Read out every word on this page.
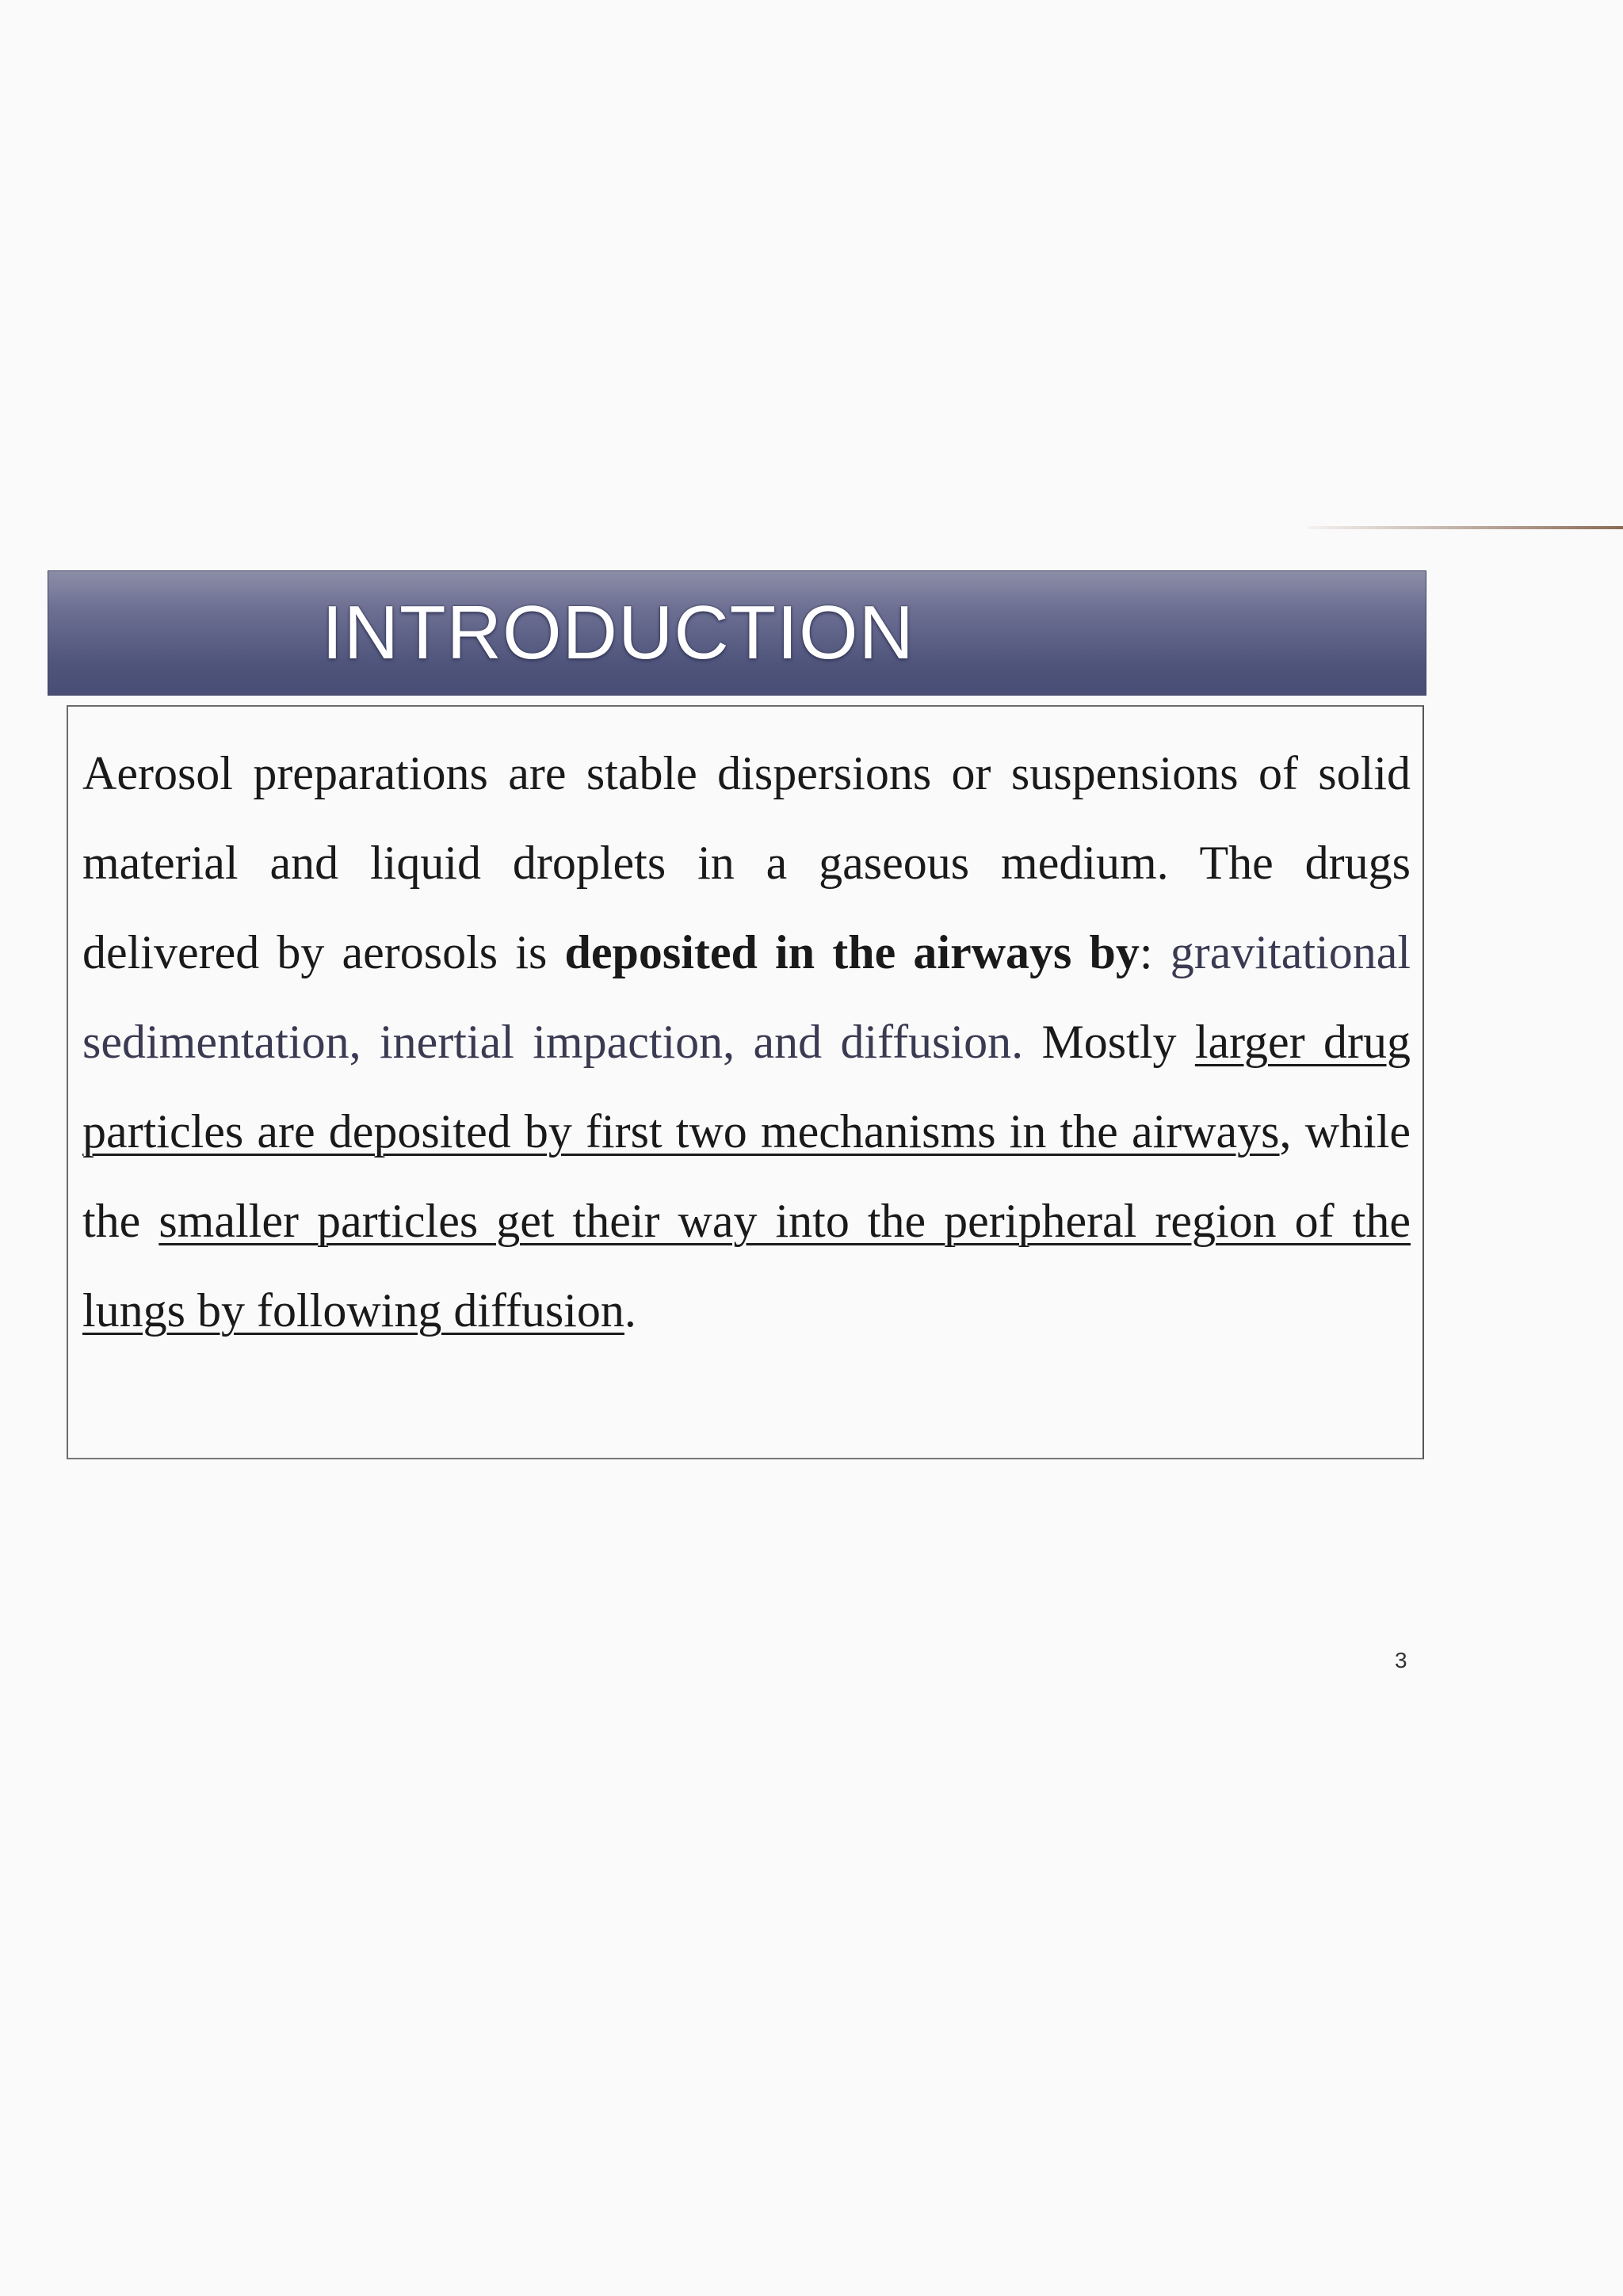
INTRODUCTION

Aerosol preparations are stable dispersions or suspensions of solid material and liquid droplets in a gaseous medium. The drugs delivered by aerosols is deposited in the airways by: gravitational sedimentation, inertial impaction, and diffusion. Mostly larger drug particles are deposited by first two mechanisms in the airways, while the smaller particles get their way into the peripheral region of the lungs by following diffusion.

3
